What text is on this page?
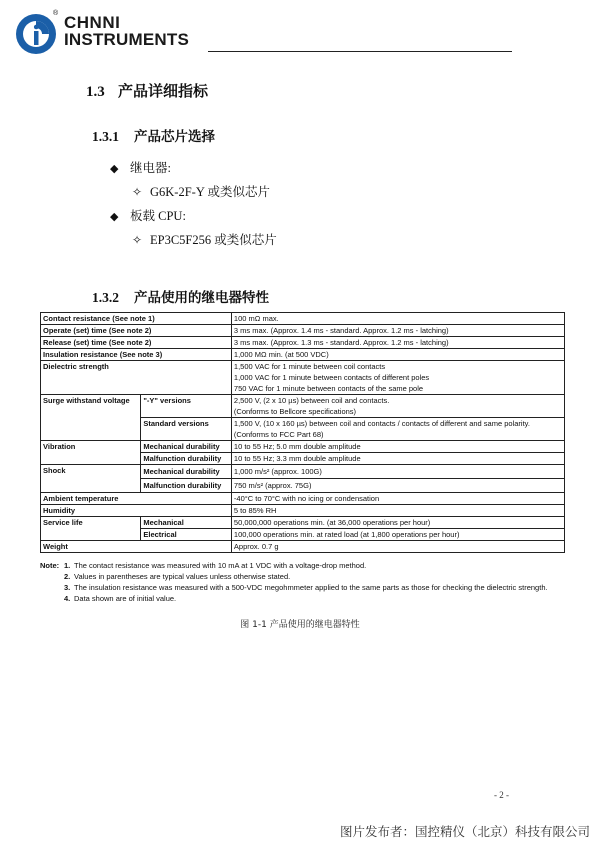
® CHNNI
INSTRUMENTS
1.3 产品详细指标
1.3.1 产品芯片选择
◆ 继电器:
✧ G6K-2F-Y 或类似芯片
◆ 板载 CPU:
✧ EP3C5F256 或类似芯片
1.3.2 产品使用的继电器特性
Contact resistance (See note 1)		100 mΩ max.
Operate (set) time (See note 2)		3 ms max. (Approx. 1.4 ms - standard. Approx. 1.2 ms - latching)
Release (set) time (See note 2)		3 ms max. (Approx. 1.3 ms - standard. Approx. 1.2 ms - latching)
Insulation resistance (See note 3)		1,000 MΩ min. (at 500 VDC)
Dielectric strength		1,500 VAC for 1 minute between coil contacts
1,000 VAC for 1 minute between contacts of different poles
750 VAC for 1 minute between contacts of the same pole

Surge withstand voltage	"-Y" versions	2,500 V, (2 x 10 µs) between coil and contacts.
(Conforms to Bellcore specifications)

	Standard versions	1,500 V, (10 x 160 µs) between coil and contacts / contacts of different and same polarity.
(Conforms to FCC Part 68)

Vibration	Mechanical durability	10 to 55 Hz; 5.0 mm double amplitude
	Malfunction durability	10 to 55 Hz; 3.3 mm double amplitude
Shock	Mechanical durability	1,000 m/s² (approx. 100G)
	Malfunction durability	750 m/s² (approx. 75G)
Ambient temperature		-40°C to 70°C with no icing or condensation
Humidity		5 to 85% RH
Service life	Mechanical	50,000,000 operations min. (at 36,000 operations per hour)
	Electrical	100,000 operations min. at rated load (at 1,800 operations per hour)
Weight		Approx. 0.7 g
Note: 1. The contact resistance was measured with 10 mA at 1 VDC with a voltage-drop method.
2. Values in parentheses are typical values unless otherwise stated.
3. The insulation resistance was measured with a 500-VDC megohmmeter applied to the same parts as those for checking the dielectric strength.
4. Data shown are of initial value.
图 1-1 产品使用的继电器特性
- 2 -
图片发布者：国控精仪（北京）科技有限公司
